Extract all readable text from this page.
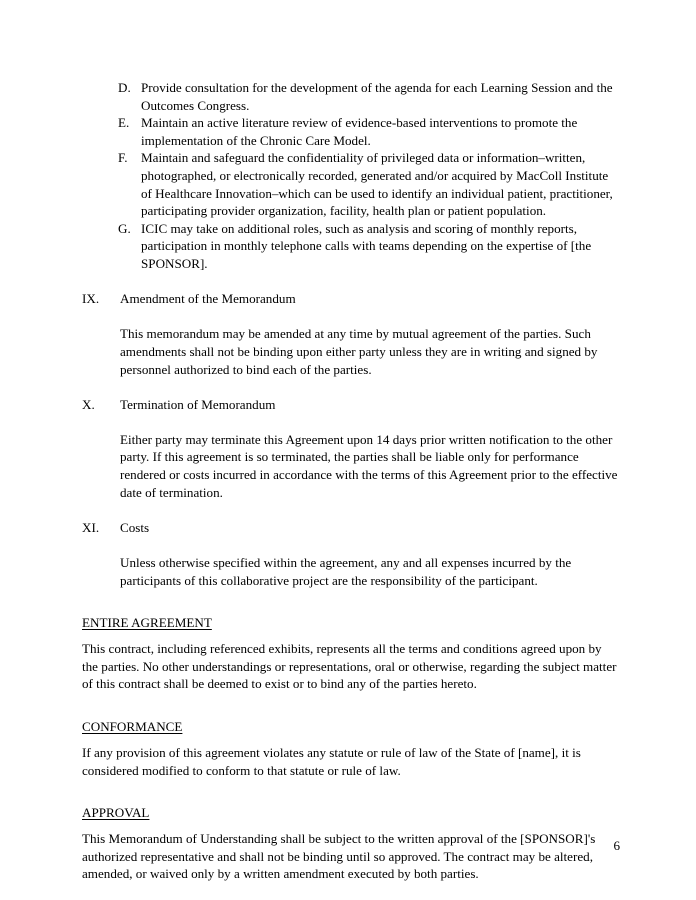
D. Provide consultation for the development of the agenda for each Learning Session and the Outcomes Congress.
E. Maintain an active literature review of evidence-based interventions to promote the implementation of the Chronic Care Model.
F.	Maintain and safeguard the confidentiality of privileged data or information–written, photographed, or electronically recorded, generated and/or acquired by MacColl Institute of Healthcare Innovation–which can be used to identify an individual patient, practitioner, participating provider organization, facility, health plan or patient population.
G. ICIC may take on additional roles, such as analysis and scoring of monthly reports, participation in monthly telephone calls with teams depending on the expertise of [the SPONSOR].
IX. Amendment of the Memorandum

This memorandum may be amended at any time by mutual agreement of the parties. Such amendments shall not be binding upon either party unless they are in writing and signed by personnel authorized to bind each of the parties.

X. Termination of Memorandum

Either party may terminate this Agreement upon 14 days prior written notification to the other party. If this agreement is so terminated, the parties shall be liable only for performance rendered or costs incurred in accordance with the terms of this Agreement prior to the effective date of termination.

XI. Costs

Unless otherwise specified within the agreement, any and all expenses incurred by the participants of this collaborative project are the responsibility of the participant.

ENTIRE AGREEMENT

This contract, including referenced exhibits, represents all the terms and conditions agreed upon by the parties. No other understandings or representations, oral or otherwise, regarding the subject matter of this contract shall be deemed to exist or to bind any of the parties hereto.

CONFORMANCE

If any provision of this agreement violates any statute or rule of law of the State of [name], it is considered modified to conform to that statute or rule of law.

APPROVAL

This Memorandum of Understanding shall be subject to the written approval of the [SPONSOR]'s authorized representative and shall not be binding until so approved. The contract may be altered, amended, or waived only by a written amendment executed by both parties.

6
